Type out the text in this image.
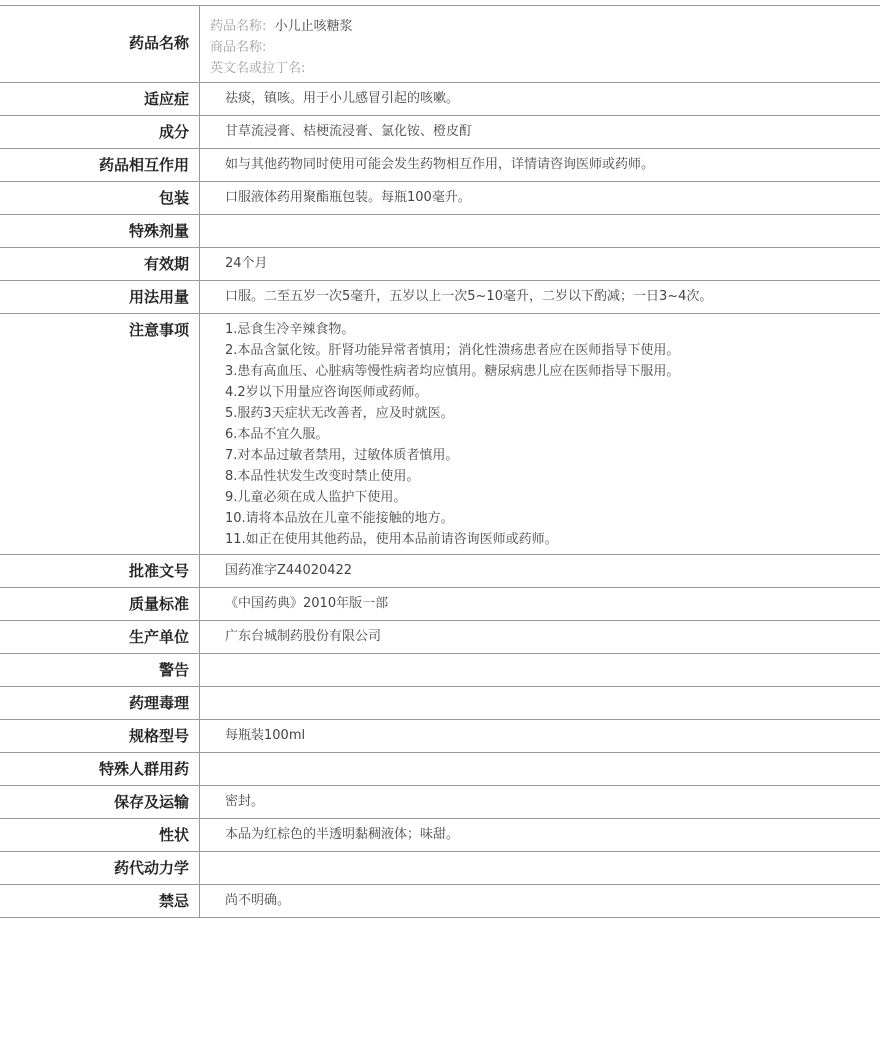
药品名称
药品名称: 小儿止咳糖浆
商品名称:
英文名或拉丁名:
适应症	祛痰，镇咳。用于小儿感冒引起的咳嗽。
成分	甘草流浸膏、桔梗流浸膏、氯化铵、橙皮酊
药品相互作用	如与其他药物同时使用可能会发生药物相互作用，详情请咨询医师或药师。
包装	口服液体药用聚酯瓶包装。每瓶100毫升。
特殊剂量
有效期	24个月
用法用量	口服。二至五岁一次5毫升，五岁以上一次5~10毫升，二岁以下酌减；一日3~4次。
注意事项	1.忌食生冷辛辣食物。
2.本品含氯化铵。肝肾功能异常者慎用；消化性溃疡患者应在医师指导下使用。
3.患有高血压、心脏病等慢性病者均应慎用。糖尿病患儿应在医师指导下服用。
4.2岁以下用量应咨询医师或药师。
5.服药3天症状无改善者，应及时就医。
6.本品不宜久服。
7.对本品过敏者禁用，过敏体质者慎用。
8.本品性状发生改变时禁止使用。
9.儿童必须在成人监护下使用。
10.请将本品放在儿童不能接触的地方。
11.如正在使用其他药品，使用本品前请咨询医师或药师。
批准文号	国药准字Z44020422
质量标准	《中国药典》2010年版一部
生产单位	广东台城制药股份有限公司
警告
药理毒理
规格型号	每瓶装100ml
特殊人群用药
保存及运输	密封。
性状	本品为红棕色的半透明黏稠液体；味甜。
药代动力学
禁忌	尚不明确。
